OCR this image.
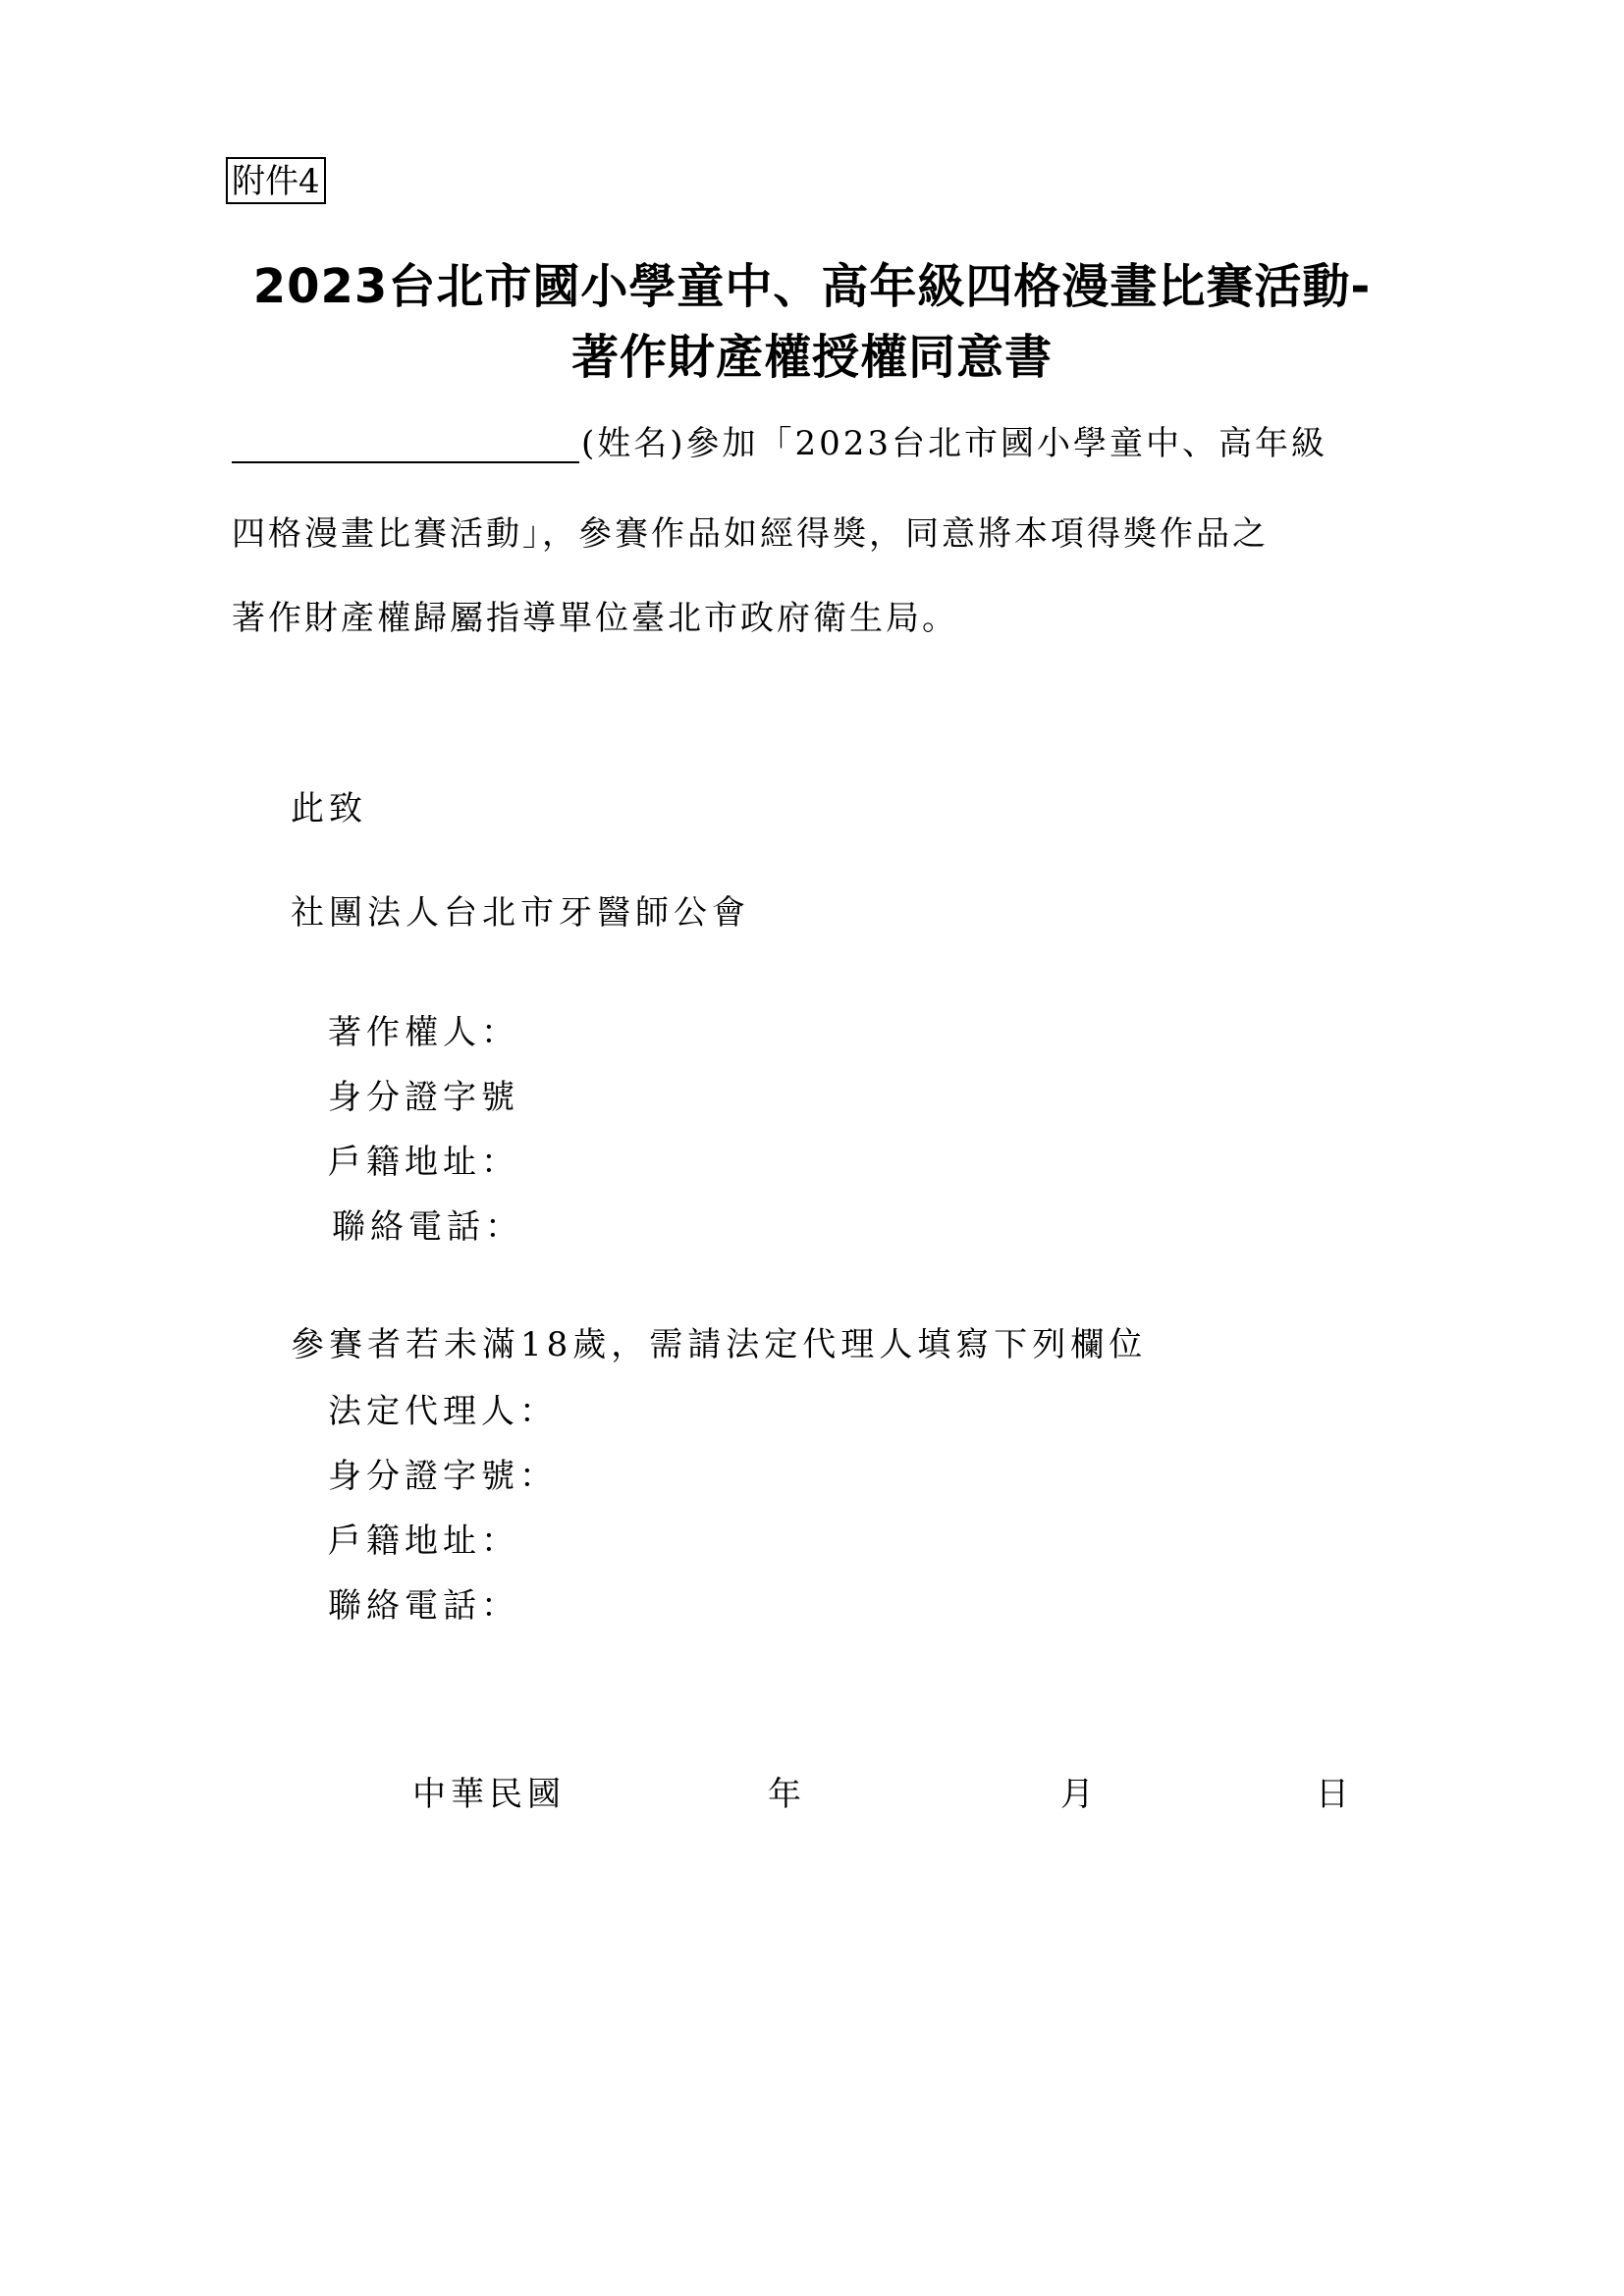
附件4
2023台北市國小學童中、高年級四格漫畫比賽活動-
著作財產權授權同意書
(姓名)參加「2023台北市國小學童中、高年級
四格漫畫比賽活動」，參賽作品如經得獎，同意將本項得獎作品之
著作財產權歸屬指導單位臺北市政府衛生局。
此致
社團法人台北市牙醫師公會
著作權人：
身分證字號
戶籍地址：
聯絡電話：
參賽者若未滿18歲，需請法定代理人填寫下列欄位
法定代理人：
身分證字號：
戶籍地址：
聯絡電話：
中華民國	年	月	日
